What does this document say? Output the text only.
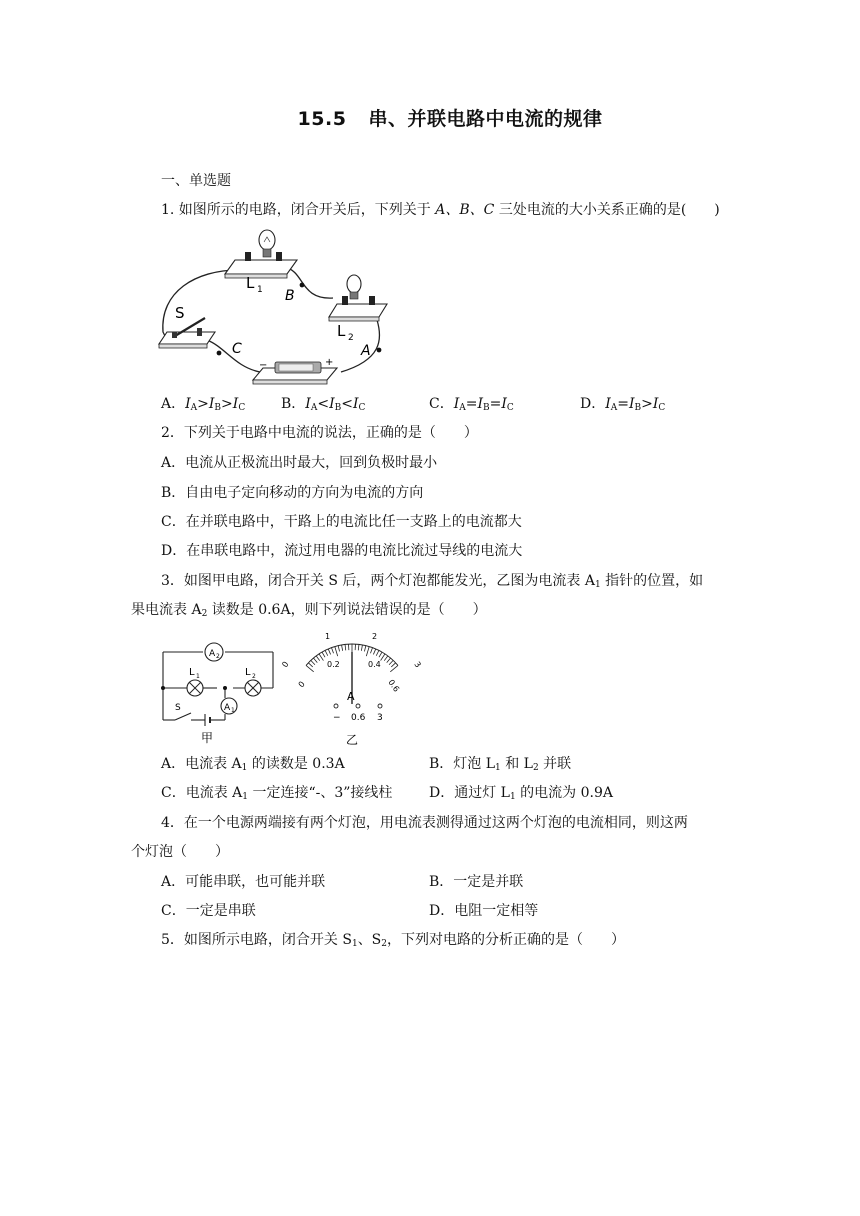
15.5 串、并联电路中电流的规律
一、单选题
1. 如图所示的电路，闭合开关后，下列关于 A、B、C 三处电流的大小关系正确的是(　　)
L 1
L 2
S
B
A
C
−	+
A．$I_A>I_B>I_C$	B．$I_A<I_B<I_C$	C．$I_A=I_B=I_C$	D．$I_A=I_B>I_C$
2．下列关于电路中电流的说法，正确的是（　　）
A．电流从正极流出时最大，回到负极时最小
B．自由电子定向移动的方向为电流的方向
C．在并联电路中，干路上的电流比任一支路上的电流都大
D．在串联电路中，流过用电器的电流比流过导线的电流大
3．如图甲电路，闭合开关 S 后，两个灯泡都能发光，乙图为电流表 $A_1$ 指针的位置，如
果电流表 $A_2$ 读数是 0.6A，则下列说法错误的是（　　）
A 2
L 1	L 2
A 1
S
甲
0
1	2
3
0
0.2	0.4
0.6
A
− 0.6 3
乙
A．电流表 $A_1$ 的读数是 0.3A	B．灯泡 $L_1$ 和 $L_2$ 并联
C．电流表 $A_1$ 一定连接“-、3”接线柱	D．通过灯 $L_1$ 的电流为 0.9A
4．在一个电源两端接有两个灯泡，用电流表测得通过这两个灯泡的电流相同，则这两
个灯泡（　　）
A．可能串联，也可能并联	B．一定是并联
C．一定是串联	D．电阻一定相等
5．如图所示电路，闭合开关 $S_1$、$S_2$，下列对电路的分析正确的是（　　）
